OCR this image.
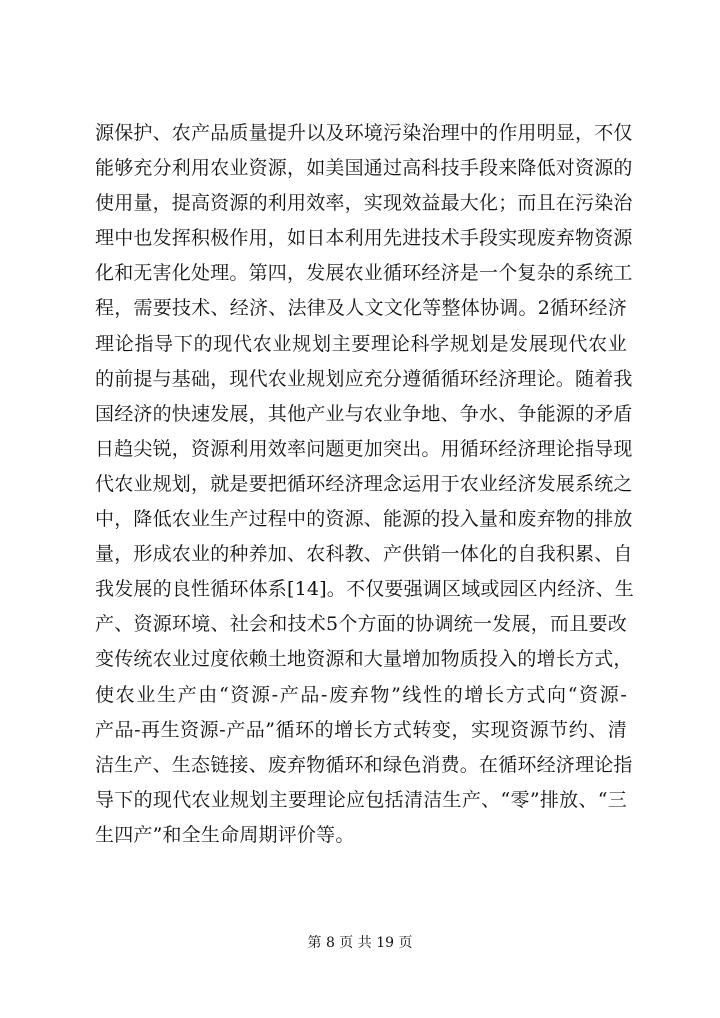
源保护、农产品质量提升以及环境污染治理中的作用明显，不仅
能够充分利用农业资源，如美国通过高科技手段来降低对资源的
使用量，提高资源的利用效率，实现效益最大化；而且在污染治
理中也发挥积极作用，如日本利用先进技术手段实现废弃物资源
化和无害化处理。第四，发展农业循环经济是一个复杂的系统工
程，需要技术、经济、法律及人文文化等整体协调。2循环经济
理论指导下的现代农业规划主要理论科学规划是发展现代农业
的前提与基础，现代农业规划应充分遵循循环经济理论。随着我
国经济的快速发展，其他产业与农业争地、争水、争能源的矛盾
日趋尖锐，资源利用效率问题更加突出。用循环经济理论指导现
代农业规划，就是要把循环经济理念运用于农业经济发展系统之
中，降低农业生产过程中的资源、能源的投入量和废弃物的排放
量，形成农业的种养加、农科教、产供销一体化的自我积累、自
我发展的良性循环体系[14]。不仅要强调区域或园区内经济、生
产、资源环境、社会和技术5个方面的协调统一发展，而且要改
变传统农业过度依赖土地资源和大量增加物质投入的增长方式，
使农业生产由“资源-产品-废弃物”线性的增长方式向“资源-
产品-再生资源-产品”循环的增长方式转变，实现资源节约、清
洁生产、生态链接、废弃物循环和绿色消费。在循环经济理论指
导下的现代农业规划主要理论应包括清洁生产、“零”排放、“三
生四产”和全生命周期评价等。
第 8 页 共 19 页
